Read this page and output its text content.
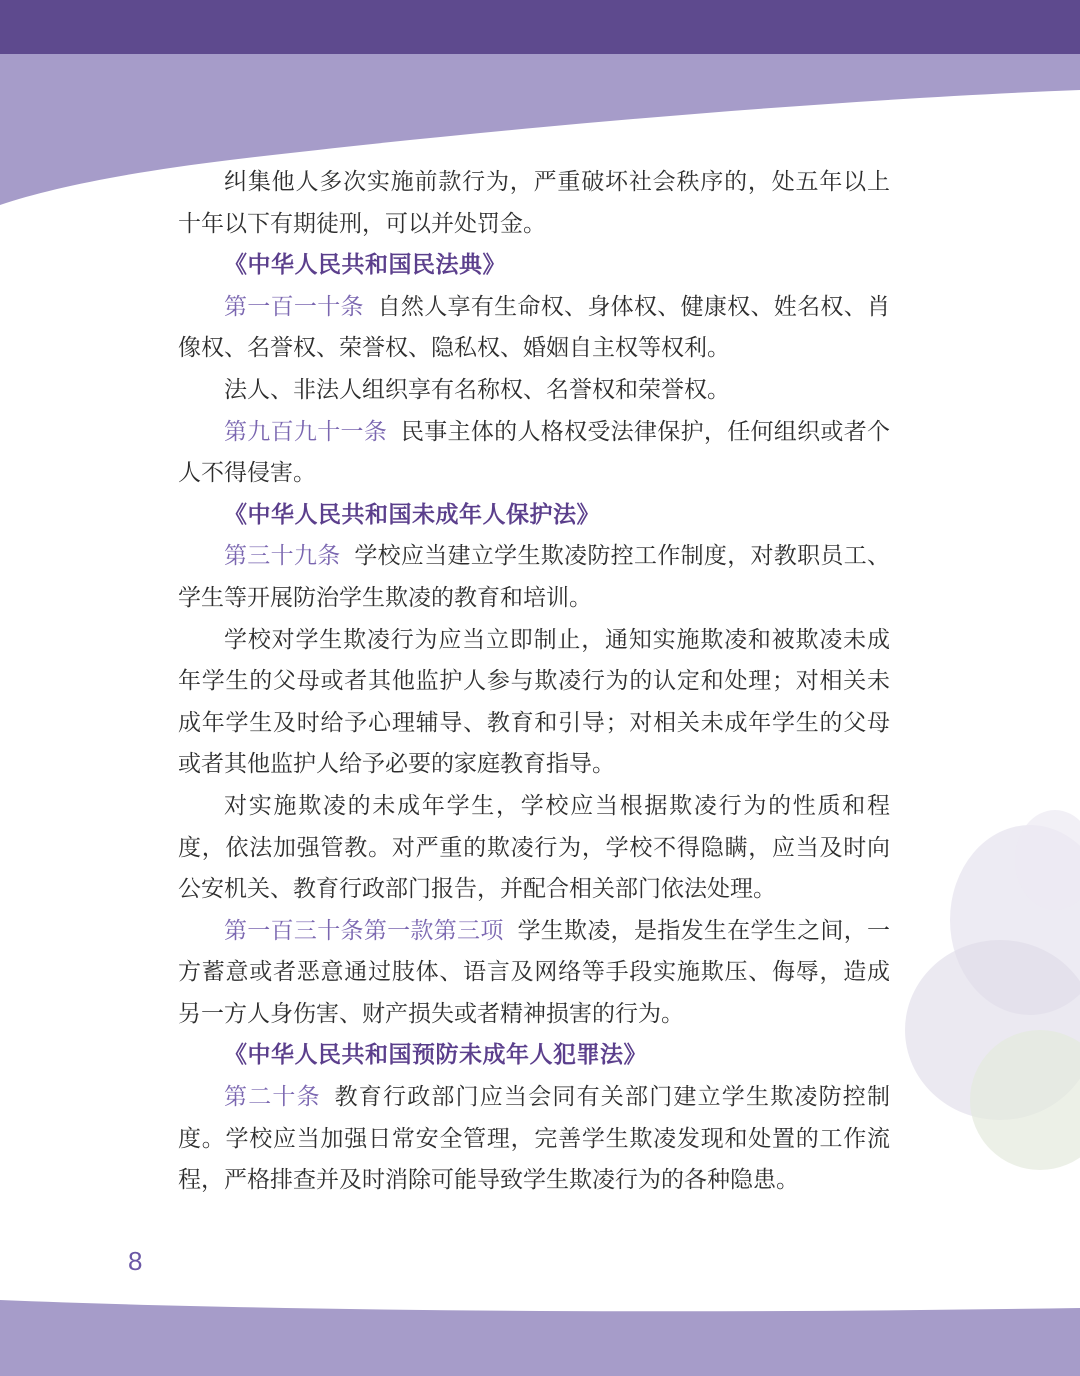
纠集他人多次实施前款行为，严重破坏社会秩序的，处五年以上十年以下有期徒刑，可以并处罚金。

《中华人民共和国民法典》

第一百一十条 自然人享有生命权、身体权、健康权、姓名权、肖像权、名誉权、荣誉权、隐私权、婚姻自主权等权利。

法人、非法人组织享有名称权、名誉权和荣誉权。

第九百九十一条 民事主体的人格权受法律保护，任何组织或者个人不得侵害。

《中华人民共和国未成年人保护法》

第三十九条 学校应当建立学生欺凌防控工作制度，对教职员工、学生等开展防治学生欺凌的教育和培训。

学校对学生欺凌行为应当立即制止，通知实施欺凌和被欺凌未成年学生的父母或者其他监护人参与欺凌行为的认定和处理；对相关未成年学生及时给予心理辅导、教育和引导；对相关未成年学生的父母或者其他监护人给予必要的家庭教育指导。

对实施欺凌的未成年学生，学校应当根据欺凌行为的性质和程度，依法加强管教。对严重的欺凌行为，学校不得隐瞒，应当及时向公安机关、教育行政部门报告，并配合相关部门依法处理。

第一百三十条第一款第三项 学生欺凌，是指发生在学生之间，一方蓄意或者恶意通过肢体、语言及网络等手段实施欺压、侮辱，造成另一方人身伤害、财产损失或者精神损害的行为。

《中华人民共和国预防未成年人犯罪法》

第二十条 教育行政部门应当会同有关部门建立学生欺凌防控制度。学校应当加强日常安全管理，完善学生欺凌发现和处置的工作流程，严格排查并及时消除可能导致学生欺凌行为的各种隐患。

8
